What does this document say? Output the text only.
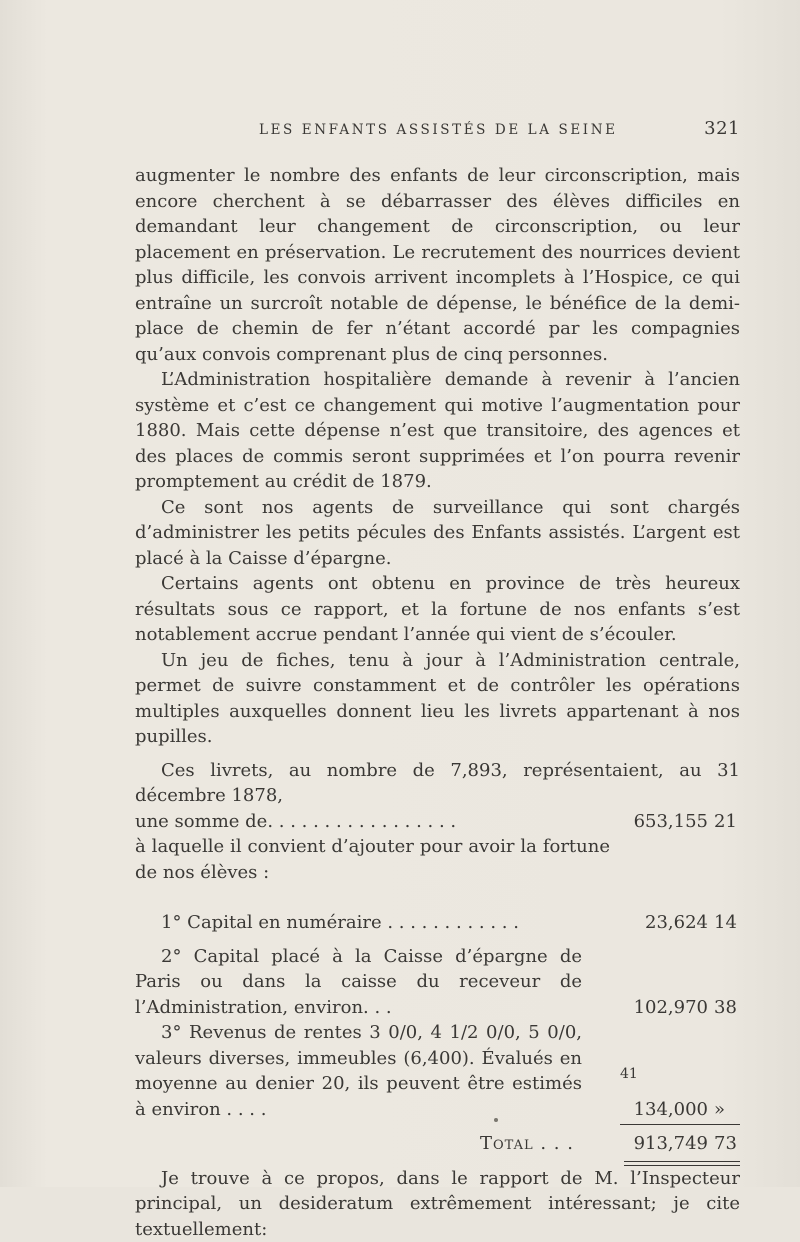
LES ENFANTS ASSISTÉS DE LA SEINE	321

augmenter le nombre des enfants de leur circonscription, mais encore cherchent à se débarrasser des élèves difficiles en demandant leur changement de circonscription, ou leur placement en préservation. Le recrutement des nourrices devient plus difficile, les convois arrivent incomplets à l’Hospice, ce qui entraîne un surcroît notable de dépense, le bénéfice de la demi-place de chemin de fer n’étant accordé par les compagnies qu’aux convois comprenant plus de cinq personnes.

L’Administration hospitalière demande à revenir à l’ancien système et c’est ce changement qui motive l’augmentation pour 1880. Mais cette dépense n’est que transitoire, des agences et des places de commis seront supprimées et l’on pourra revenir promptement au crédit de 1879.

Ce sont nos agents de surveillance qui sont chargés d’administrer les petits pécules des Enfants assistés. L’argent est placé à la Caisse d’épargne.

Certains agents ont obtenu en province de très heureux résultats sous ce rapport, et la fortune de nos enfants s’est notablement accrue pendant l’année qui vient de s’écouler.

Un jeu de fiches, tenu à jour à l’Administration centrale, permet de suivre constamment et de contrôler les opérations multiples auxquelles donnent lieu les livrets appartenant à nos pupilles.

Ces livrets, au nombre de 7,893, représentaient, au 31 décembre 1878,

une somme de. . . . . . . . . . . . . . . . .	653,155 21

à laquelle il convient d’ajouter pour avoir la fortune de nos élèves :

1° Capital en numéraire . . . . . . . . . . . .	23,624 14
2° Capital placé à la Caisse d’épargne de Paris ou dans la caisse du receveur de l’Administration, environ. . .	102,970 38
3° Revenus de rentes 3 0/0, 4 1/2 0/0, 5 0/0, valeurs diverses, immeubles (6,400). Évalués en moyenne au denier 20, ils peuvent être estimés à environ . . . .	134,000 »
Total . . .	913,749 73

Je trouve à ce propos, dans le rapport de M. l’Inspecteur principal, un desideratum extrêmement intéressant; je cite textuellement:

41
